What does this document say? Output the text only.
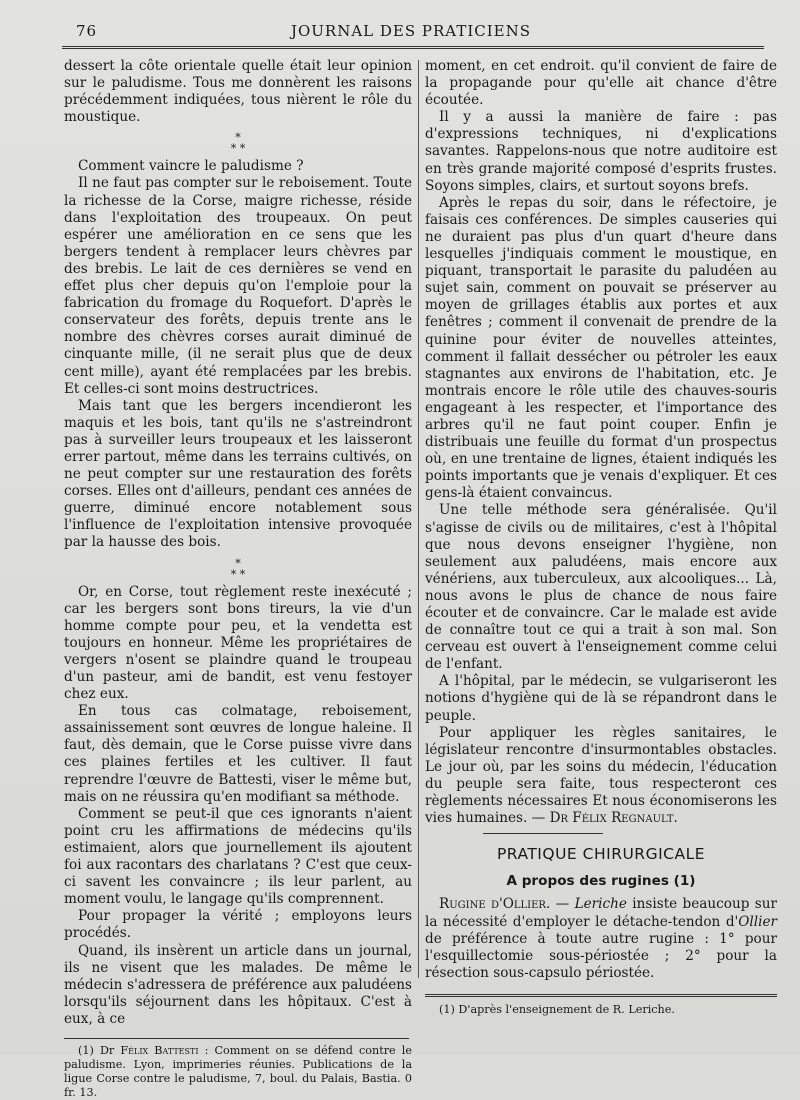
76	JOURNAL DES PRATICIENS

dessert la côte orientale quelle était leur opinion sur le paludisme. Tous me donnèrent les raisons précédemment indiquées, tous nièrent le rôle du moustique.

*
* *

Comment vaincre le paludisme ?

Il ne faut pas compter sur le reboisement. Toute la richesse de la Corse, maigre richesse, réside dans l'exploitation des troupeaux. On peut espérer une amélioration en ce sens que les bergers tendent à remplacer leurs chèvres par des brebis. Le lait de ces dernières se vend en effet plus cher depuis qu'on l'emploie pour la fabrication du fromage du Roquefort. D'après le conservateur des forêts, depuis trente ans le nombre des chèvres corses aurait diminué de cinquante mille, (il ne serait plus que de deux cent mille), ayant été remplacées par les brebis. Et celles-ci sont moins destructrices.

Mais tant que les bergers incendieront les maquis et les bois, tant qu'ils ne s'astreindront pas à surveiller leurs troupeaux et les laisseront errer partout, même dans les terrains cultivés, on ne peut compter sur une restauration des forêts corses. Elles ont d'ailleurs, pendant ces années de guerre, diminué encore notablement sous l'influence de l'exploitation intensive provoquée par la hausse des bois.

*
* *

Or, en Corse, tout règlement reste inexécuté ; car les bergers sont bons tireurs, la vie d'un homme compte pour peu, et la vendetta est toujours en honneur. Même les propriétaires de vergers n'osent se plaindre quand le troupeau d'un pasteur, ami de bandit, est venu festoyer chez eux.

En tous cas colmatage, reboisement, assainissement sont œuvres de longue haleine. Il faut, dès demain, que le Corse puisse vivre dans ces plaines fertiles et les cultiver. Il faut reprendre l'œuvre de Battesti, viser le même but, mais on ne réussira qu'en modifiant sa méthode.

Comment se peut-il que ces ignorants n'aient point cru les affirmations de médecins qu'ils estimaient, alors que journellement ils ajoutent foi aux racontars des charlatans ? C'est que ceux-ci savent les convaincre ; ils leur parlent, au moment voulu, le langage qu'ils comprennent.

Pour propager la vérité ; employons leurs procédés.

Quand, ils insèrent un article dans un journal, ils ne visent que les malades. De même le médecin s'adressera de préférence aux paludéens lorsqu'ils séjournent dans les hôpitaux. C'est à eux, à ce

(1) Dr Félix Battesti : Comment on se défend contre le paludisme. Lyon, imprimeries réunies. Publications de la ligue Corse contre le paludisme, 7, boul. du Palais, Bastia. 0 fr. 13.

moment, en cet endroit. qu'il convient de faire de la propagande pour qu'elle ait chance d'être écoutée.

Il y a aussi la manière de faire : pas d'expressions techniques, ni d'explications savantes. Rappelons-nous que notre auditoire est en très grande majorité composé d'esprits frustes. Soyons simples, clairs, et surtout soyons brefs.

Après le repas du soir, dans le réfectoire, je faisais ces conférences. De simples causeries qui ne duraient pas plus d'un quart d'heure dans lesquelles j'indiquais comment le moustique, en piquant, transportait le parasite du paludéen au sujet sain, comment on pouvait se préserver au moyen de grillages établis aux portes et aux fenêtres ; comment il convenait de prendre de la quinine pour éviter de nouvelles atteintes, comment il fallait dessécher ou pétroler les eaux stagnantes aux environs de l'habitation, etc. Je montrais encore le rôle utile des chauves-souris engageant à les respecter, et l'importance des arbres qu'il ne faut point couper. Enfin je distribuais une feuille du format d'un prospectus où, en une trentaine de lignes, étaient indiqués les points importants que je venais d'expliquer. Et ces gens-là étaient convaincus.

Une telle méthode sera généralisée. Qu'il s'agisse de civils ou de militaires, c'est à l'hôpital que nous devons enseigner l'hygiène, non seulement aux paludéens, mais encore aux vénériens, aux tuberculeux, aux alcooliques... Là, nous avons le plus de chance de nous faire écouter et de convaincre. Car le malade est avide de connaître tout ce qui a trait à son mal. Son cerveau est ouvert à l'enseignement comme celui de l'enfant.

A l'hôpital, par le médecin, se vulgariseront les notions d'hygiène qui de là se répandront dans le peuple.

Pour appliquer les règles sanitaires, le législateur rencontre d'insurmontables obstacles. Le jour où, par les soins du médecin, l'éducation du peuple sera faite, tous respecteront ces règlements nécessaires Et nous économiserons les vies humaines. — Dr Félix Regnault.

PRATIQUE CHIRURGICALE
A propos des rugines (1)

Rugine d'Ollier. — Leriche insiste beaucoup sur la nécessité d'employer le détache-tendon d'Ollier de préférence à toute autre rugine : 1° pour l'esquillectomie sous-périostée ; 2° pour la résection sous-capsulo périostée.

(1) D'après l'enseignement de R. Leriche.
